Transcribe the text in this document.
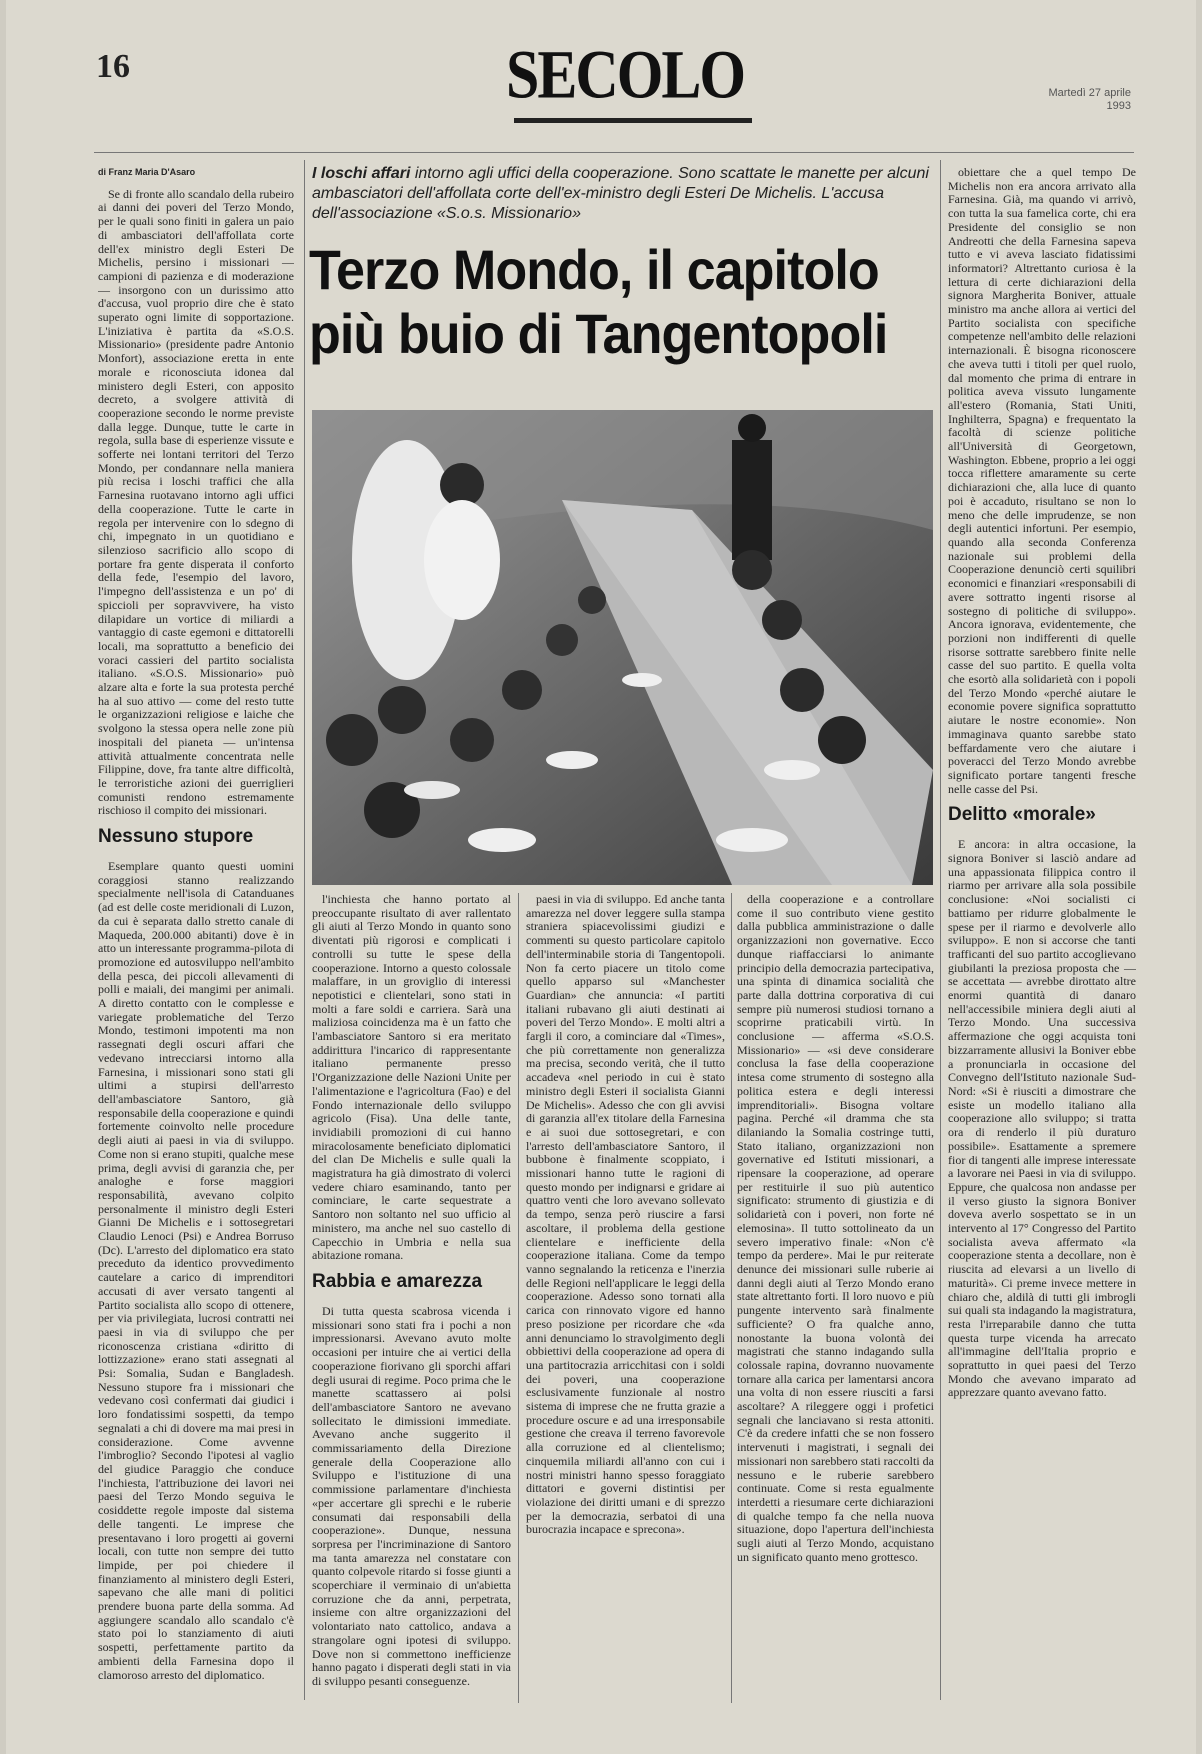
16	SECOLO	Martedì 27 aprile 1993
di Franz Maria D'Asaro

Se di fronte allo scandalo della rubeiro ai danni dei poveri del Terzo Mondo, per le quali sono finiti in galera un paio di ambasciatori dell'affollata corte dell'ex ministro degli Esteri De Michelis, persino i missionari — campioni di pazienza e di moderazione — insorgono con un durissimo atto d'accusa, vuol proprio dire che è stato superato ogni limite di sopportazione. L'iniziativa è partita da «S.O.S. Missionario» (presidente padre Antonio Monfort), associazione eretta in ente morale e riconosciuta idonea dal ministero degli Esteri, con apposito decreto, a svolgere attività di cooperazione secondo le norme previste dalla legge. Dunque, tutte le carte in regola, sulla base di esperienze vissute e sofferte nei lontani territori del Terzo Mondo, per condannare nella maniera più recisa i loschi traffici che alla Farnesina ruotavano intorno agli uffici della cooperazione. Tutte le carte in regola per intervenire con lo sdegno di chi, impegnato in un quotidiano e silenzioso sacrificio allo scopo di portare fra gente disperata il conforto della fede, l'esempio del lavoro, l'impegno dell'assistenza e un po' di spiccioli per sopravvivere, ha visto dilapidare un vortice di miliardi a vantaggio di caste egemoni e dittatorelli locali, ma soprattutto a beneficio dei voraci cassieri del partito socialista italiano. «S.O.S. Missionario» può alzare alta e forte la sua protesta perché ha al suo attivo — come del resto tutte le organizzazioni religiose e laiche che svolgono la stessa opera nelle zone più inospitali del pianeta — un'intensa attività attualmente concentrata nelle Filippine, dove, fra tante altre difficoltà, le terroristiche azioni dei guerriglieri comunisti rendono estremamente rischioso il compito dei missionari.

Nessuno stupore

Esemplare quanto questi uomini coraggiosi stanno realizzando specialmente nell'isola di Catanduanes (ad est delle coste meridionali di Luzon, da cui è separata dallo stretto canale di Maqueda, 200.000 abitanti) dove è in atto un interessante programma-pilota di promozione ed autosviluppo nell'ambito della pesca, dei piccoli allevamenti di polli e maiali, dei mangimi per animali. A diretto contatto con le complesse e variegate problematiche del Terzo Mondo, testimoni impotenti ma non rassegnati degli oscuri affari che vedevano intrecciarsi intorno alla Farnesina, i missionari sono stati gli ultimi a stupirsi dell'arresto dell'ambasciatore Santoro, già responsabile della cooperazione e quindi fortemente coinvolto nelle procedure degli aiuti ai paesi in via di sviluppo. Come non si erano stupiti, qualche mese prima, degli avvisi di garanzia che, per analoghe e forse maggiori responsabilità, avevano colpito personalmente il ministro degli Esteri Gianni De Michelis e i sottosegretari Claudio Lenoci (Psi) e Andrea Borruso (Dc). L'arresto del diplomatico era stato preceduto da identico provvedimento cautelare a carico di imprenditori accusati di aver versato tangenti al Partito socialista allo scopo di ottenere, per via privilegiata, lucrosi contratti nei paesi in via di sviluppo che per riconoscenza cristiana «diritto di lottizzazione» erano stati assegnati al Psi: Somalia, Sudan e Bangladesh. Nessuno stupore fra i missionari che vedevano così confermati dai giudici i loro fondatissimi sospetti, da tempo segnalati a chi di dovere ma mai presi in considerazione. Come avvenne l'imbroglio? Secondo l'ipotesi al vaglio del giudice Paraggio che conduce l'inchiesta, l'attribuzione dei lavori nei paesi del Terzo Mondo seguiva le cosiddette regole imposte dal sistema delle tangenti. Le imprese che presentavano i loro progetti ai governi locali, con tutte non sempre dei tutto limpide, per poi chiedere il finanziamento al ministero degli Esteri, sapevano che alle mani di politici prendere buona parte della somma. Ad aggiungere scandalo allo scandalo c'è stato poi lo stanziamento di aiuti sospetti, perfettamente partito da ambienti della Farnesina dopo il clamoroso arresto del diplomatico.

I loschi affari intorno agli uffici della cooperazione. Sono scattate le manette per alcuni ambasciatori dell'affollata corte dell'ex-ministro degli Esteri De Michelis. L'accusa dell'associazione «S.o.s. Missionario»
Terzo Mondo, il capitolo più buio di Tangentopoli

l'inchiesta che hanno portato al preoccupante risultato di aver rallentato gli aiuti al Terzo Mondo in quanto sono diventati più rigorosi e complicati i controlli su tutte le spese della cooperazione. Intorno a questo colossale malaffare, in un groviglio di interessi nepotistici e clientelari, sono stati in molti a fare soldi e carriera. Sarà una maliziosa coincidenza ma è un fatto che l'ambasciatore Santoro si era meritato addirittura l'incarico di rappresentante italiano permanente presso l'Organizzazione delle Nazioni Unite per l'alimentazione e l'agricoltura (Fao) e del Fondo internazionale dello sviluppo agricolo (Fisa). Una delle tante, invidiabili promozioni di cui hanno miracolosamente beneficiato diplomatici del clan De Michelis e sulle quali la magistratura ha già dimostrato di volerci vedere chiaro esaminando, tanto per cominciare, le carte sequestrate a Santoro non soltanto nel suo ufficio al ministero, ma anche nel suo castello di Capecchio in Umbria e nella sua abitazione romana.

Rabbia e amarezza

Di tutta questa scabrosa vicenda i missionari sono stati fra i pochi a non impressionarsi. Avevano avuto molte occasioni per intuire che ai vertici della cooperazione fiorivano gli sporchi affari degli usurai di regime. Poco prima che le manette scattassero ai polsi dell'ambasciatore Santoro ne avevano sollecitato le dimissioni immediate. Avevano anche suggerito il commissariamento della Direzione generale della Cooperazione allo Sviluppo e l'istituzione di una commissione parlamentare d'inchiesta «per accertare gli sprechi e le ruberie consumati dai responsabili della cooperazione». Dunque, nessuna sorpresa per l'incriminazione di Santoro ma tanta amarezza nel constatare con quanto colpevole ritardo si fosse giunti a scoperchiare il verminaio di un'abietta corruzione che da anni, perpetrata, insieme con altre organizzazioni del volontariato nato cattolico, andava a strangolare ogni ipotesi di sviluppo. Dove non si commettono inefficienze hanno pagato i disperati degli stati in via di sviluppo pesanti conseguenze.

paesi in via di sviluppo. Ed anche tanta amarezza nel dover leggere sulla stampa straniera spiacevolissimi giudizi e commenti su questo particolare capitolo dell'interminabile storia di Tangentopoli. Non fa certo piacere un titolo come quello apparso sul «Manchester Guardian» che annuncia: «I partiti italiani rubavano gli aiuti destinati ai poveri del Terzo Mondo». E molti altri a fargli il coro, a cominciare dal «Times», che più correttamente non generalizza ma precisa, secondo verità, che il tutto accadeva «nel periodo in cui è stato ministro degli Esteri il socialista Gianni De Michelis». Adesso che con gli avvisi di garanzia all'ex titolare della Farnesina e ai suoi due sottosegretari, e con l'arresto dell'ambasciatore Santoro, il bubbone è finalmente scoppiato, i missionari hanno tutte le ragioni di questo mondo per indignarsi e gridare ai quattro venti che loro avevano sollevato da tempo, senza però riuscire a farsi ascoltare, il problema della gestione clientelare e inefficiente della cooperazione italiana. Come da tempo vanno segnalando la reticenza e l'inerzia delle Regioni nell'applicare le leggi della cooperazione. Adesso sono tornati alla carica con rinnovato vigore ed hanno preso posizione per ricordare che «da anni denunciamo lo stravolgimento degli obbiettivi della cooperazione ad opera di una partitocrazia arricchitasi con i soldi dei poveri, una cooperazione esclusivamente funzionale al nostro sistema di imprese che ne frutta grazie a procedure oscure e ad una irresponsabile gestione che creava il terreno favorevole alla corruzione ed al clientelismo; cinquemila miliardi all'anno con cui i nostri ministri hanno spesso foraggiato dittatori e governi distintisi per violazione dei diritti umani e di sprezzo per la democrazia, serbatoi di una burocrazia incapace e sprecona».

della cooperazione e a controllare come il suo contributo viene gestito dalla pubblica amministrazione o dalle organizzazioni non governative. Ecco dunque riaffacciarsi lo animante principio della democrazia partecipativa, una spinta di dinamica socialità che parte dalla dottrina corporativa di cui sempre più numerosi studiosi tornano a scoprirne praticabili virtù. In conclusione — afferma «S.O.S. Missionario» — «si deve considerare conclusa la fase della cooperazione intesa come strumento di sostegno alla politica estera e degli interessi imprenditoriali». Bisogna voltare pagina. Perché «il dramma che sta dilaniando la Somalia costringe tutti, Stato italiano, organizzazioni non governative ed Istituti missionari, a ripensare la cooperazione, ad operare per restituirle il suo più autentico significato: strumento di giustizia e di solidarietà con i poveri, non forte né elemosina». Il tutto sottolineato da un severo imperativo finale: «Non c'è tempo da perdere». Mai le pur reiterate denunce dei missionari sulle ruberie ai danni degli aiuti al Terzo Mondo erano state altrettanto forti. Il loro nuovo e più pungente intervento sarà finalmente sufficiente? O fra qualche anno, nonostante la buona volontà dei magistrati che stanno indagando sulla colossale rapina, dovranno nuovamente tornare alla carica per lamentarsi ancora una volta di non essere riusciti a farsi ascoltare? A rileggere oggi i profetici segnali che lanciavano si resta attoniti. C'è da credere infatti che se non fossero intervenuti i magistrati, i segnali dei missionari non sarebbero stati raccolti da nessuno e le ruberie sarebbero continuate. Come si resta egualmente interdetti a riesumare certe dichiarazioni di qualche tempo fa che nella nuova situazione, dopo l'apertura dell'inchiesta sugli aiuti al Terzo Mondo, acquistano un significato quanto meno grottesco.

obiettare che a quel tempo De Michelis non era ancora arrivato alla Farnesina. Già, ma quando vi arrivò, con tutta la sua famelica corte, chi era Presidente del consiglio se non Andreotti che della Farnesina sapeva tutto e vi aveva lasciato fidatissimi informatori? Altrettanto curiosa è la lettura di certe dichiarazioni della signora Margherita Boniver, attuale ministro ma anche allora ai vertici del Partito socialista con specifiche competenze nell'ambito delle relazioni internazionali. È bisogna riconoscere che aveva tutti i titoli per quel ruolo, dal momento che prima di entrare in politica aveva vissuto lungamente all'estero (Romania, Stati Uniti, Inghilterra, Spagna) e frequentato la facoltà di scienze politiche all'Università di Georgetown, Washington. Ebbene, proprio a lei oggi tocca riflettere amaramente su certe dichiarazioni che, alla luce di quanto poi è accaduto, risultano se non lo meno che delle imprudenze, se non degli autentici infortuni. Per esempio, quando alla seconda Conferenza nazionale sui problemi della Cooperazione denunciò certi squilibri economici e finanziari «responsabili di avere sottratto ingenti risorse al sostegno di politiche di sviluppo». Ancora ignorava, evidentemente, che porzioni non indifferenti di quelle risorse sottratte sarebbero finite nelle casse del suo partito. E quella volta che esortò alla solidarietà con i popoli del Terzo Mondo «perché aiutare le economie povere significa soprattutto aiutare le nostre economie». Non immaginava quanto sarebbe stato beffardamente vero che aiutare i poveracci del Terzo Mondo avrebbe significato portare tangenti fresche nelle casse del Psi.

Delitto «morale»

E ancora: in altra occasione, la signora Boniver si lasciò andare ad una appassionata filippica contro il riarmo per arrivare alla sola possibile conclusione: «Noi socialisti ci battiamo per ridurre globalmente le spese per il riarmo e devolverle allo sviluppo». E non si accorse che tanti trafficanti del suo partito accoglievano giubilanti la preziosa proposta che — se accettata — avrebbe dirottato altre enormi quantità di danaro nell'accessibile miniera degli aiuti al Terzo Mondo. Una successiva affermazione che oggi acquista toni bizzarramente allusivi la Boniver ebbe a pronunciarla in occasione del Convegno dell'Istituto nazionale Sud-Nord: «Si è riusciti a dimostrare che esiste un modello italiano alla cooperazione allo sviluppo; si tratta ora di renderlo il più duraturo possibile». Esattamente a spremere fior di tangenti alle imprese interessate a lavorare nei Paesi in via di sviluppo. Eppure, che qualcosa non andasse per il verso giusto la signora Boniver doveva averlo sospettato se in un intervento al 17° Congresso del Partito socialista aveva affermato «la cooperazione stenta a decollare, non è riuscita ad elevarsi a un livello di maturità». Ci preme invece mettere in chiaro che, aldilà di tutti gli imbrogli sui quali sta indagando la magistratura, resta l'irreparabile danno che tutta questa turpe vicenda ha arrecato all'immagine dell'Italia proprio e soprattutto in quei paesi del Terzo Mondo che avevano imparato ad apprezzare quanto avevano fatto.
